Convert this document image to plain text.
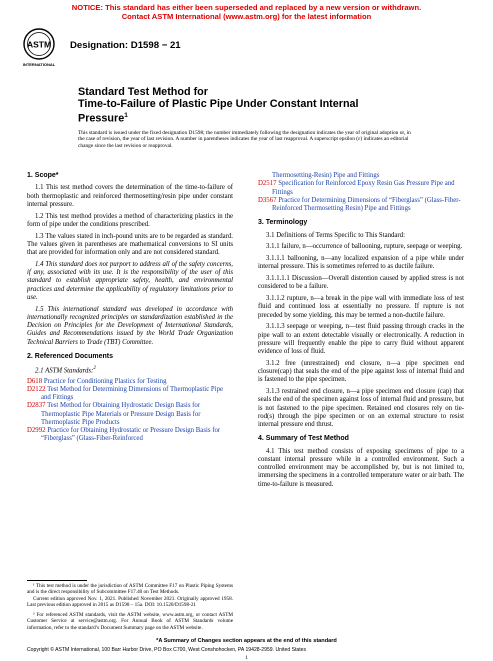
NOTICE: This standard has either been superseded and replaced by a new version or withdrawn.
Contact ASTM International (www.astm.org) for the latest information
ASTM
INTERNATIONAL
Designation: D1598 − 21
Standard Test Method for
Time-to-Failure of Plastic Pipe Under Constant Internal
Pressure$^1$
This standard is issued under the fixed designation D1598; the number immediately following the designation indicates the year of original adoption or, in the case of revision, the year of last revision. A number in parentheses indicates the year of last reapproval. A superscript epsilon (ε) indicates an editorial change since the last revision or reapproval.
1. Scope*

1.1 This test method covers the determination of the time-to-failure of both thermoplastic and reinforced thermosetting/resin pipe under constant internal pressure.

1.2 This test method provides a method of characterizing plastics in the form of pipe under the conditions prescribed.

1.3 The values stated in inch-pound units are to be regarded as standard. The values given in parentheses are mathematical conversions to SI units that are provided for information only and are not considered standard.

1.4 This standard does not purport to address all of the safety concerns, if any, associated with its use. It is the responsibility of the user of this standard to establish appropriate safety, health, and environmental practices and determine the applicability of regulatory limitations prior to use.

1.5 This international standard was developed in accordance with internationally recognized principles on standardization established in the Decision on Principles for the Development of International Standards, Guides and Recommendations issued by the World Trade Organization Technical Barriers to Trade (TBT) Committee.

2. Referenced Documents

2.1 ASTM Standards:$^2$

D618 Practice for Conditioning Plastics for Testing

D2122 Test Method for Determining Dimensions of Thermoplastic Pipe and Fittings

D2837 Test Method for Obtaining Hydrostatic Design Basis for Thermoplastic Pipe Materials or Pressure Design Basis for Thermoplastic Pipe Products

D2992 Practice for Obtaining Hydrostatic or Pressure Design Basis for “Fiberglass” (Glass-Fiber-Reinforced

Thermosetting-Resin) Pipe and Fittings

D2517 Specification for Reinforced Epoxy Resin Gas Pressure Pipe and Fittings

D3567 Practice for Determining Dimensions of “Fiberglass” (Glass-Fiber-Reinforced Thermosetting Resin) Pipe and Fittings

3. Terminology

3.1 Definitions of Terms Specific to This Standard:

3.1.1 failure, n—occurrence of ballooning, rupture, seepage or weeping.

3.1.1.1 ballooning, n—any localized expansion of a pipe while under internal pressure. This is sometimes referred to as ductile failure.

3.1.1.1.1 Discussion—Overall distention caused by applied stress is not considered to be a failure.

3.1.1.2 rupture, n—a break in the pipe wall with immediate loss of test fluid and continued loss at essentially no pressure. If rupture is not preceded by some yielding, this may be termed a non-ductile failure.

3.1.1.3 seepage or weeping, n—test fluid passing through cracks in the pipe wall to an extent detectable visually or electronically. A reduction in pressure will frequently enable the pipe to carry fluid without apparent evidence of loss of fluid.

3.1.2 free (unrestrained) end closure, n—a pipe specimen end closure(cap) that seals the end of the pipe against loss of internal fluid and is fastened to the pipe specimen.

3.1.3 restrained end closure, n—a pipe specimen end closure (cap) that seals the end of the specimen against loss of internal fluid and pressure, but is not fastened to the pipe specimen. Retained end closures rely on tie-rod(s) through the pipe specimen or on an external structure to resist internal pressure end thrust.

4. Summary of Test Method

4.1 This test method consists of exposing specimens of pipe to a constant internal pressure while in a controlled environment. Such a controlled environment may be accomplished by, but is not limited to, immersing the specimens in a controlled temperature water or air bath. The time-to-failure is measured.

¹ This test method is under the jurisdiction of ASTM Committee F17 on Plastic Piping Systems and is the direct responsibility of Subcommittee F17.40 on Test Methods.
Current edition approved Nov. 1, 2021. Published November 2021. Originally approved 1958. Last previous edition approved in 2015 as D1598 – 15a. DOI: 10.1520/D1598-21
² For referenced ASTM standards, visit the ASTM website, www.astm.org, or contact ASTM Customer Service at service@astm.org. For Annual Book of ASTM Standards volume information, refer to the standard’s Document Summary page on the ASTM website.
*A Summary of Changes section appears at the end of this standard
Copyright © ASTM International, 100 Barr Harbor Drive, PO Box C700, West Conshohocken, PA 19428-2959. United States
1
